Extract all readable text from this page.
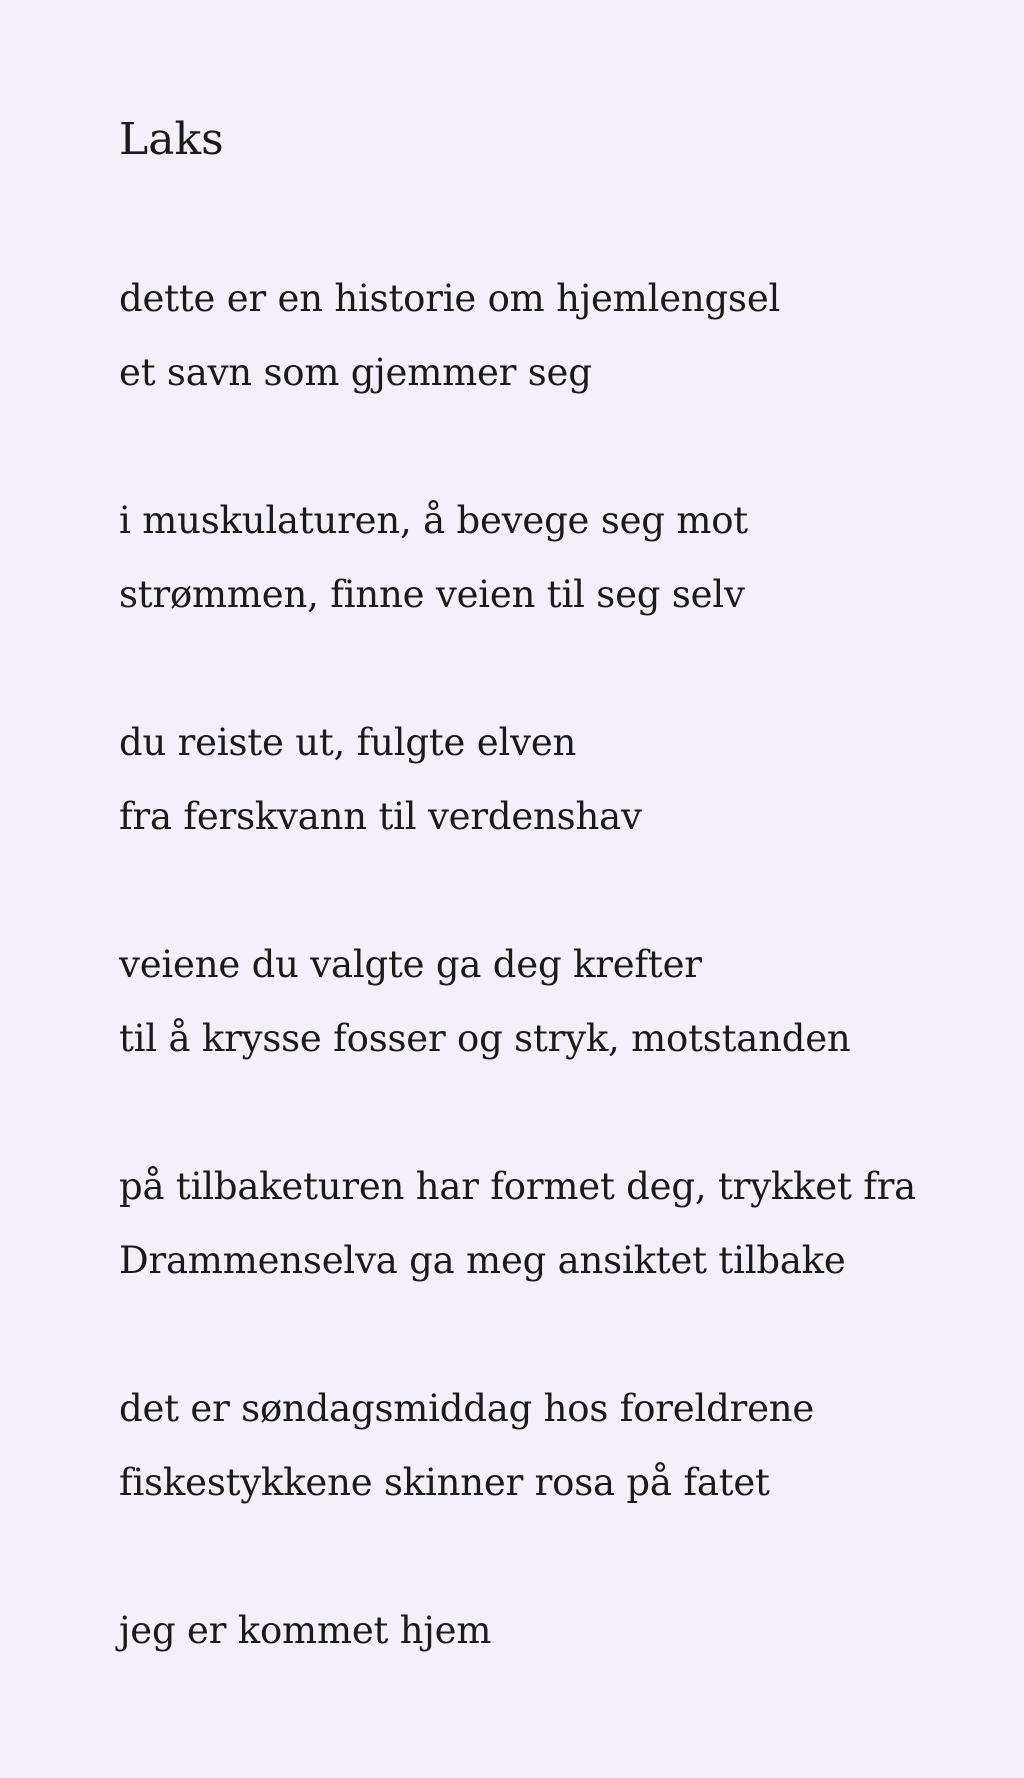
Laks
dette er en historie om hjemlengsel
et savn som gjemmer seg
i muskulaturen, å bevege seg mot
strømmen, finne veien til seg selv
du reiste ut, fulgte elven
fra ferskvann til verdenshav
veiene du valgte ga deg krefter
til å krysse fosser og stryk, motstanden
på tilbaketuren har formet deg, trykket fra
Drammenselva ga meg ansiktet tilbake
det er søndagsmiddag hos foreldrene
fiskestykkene skinner rosa på fatet
jeg er kommet hjem
